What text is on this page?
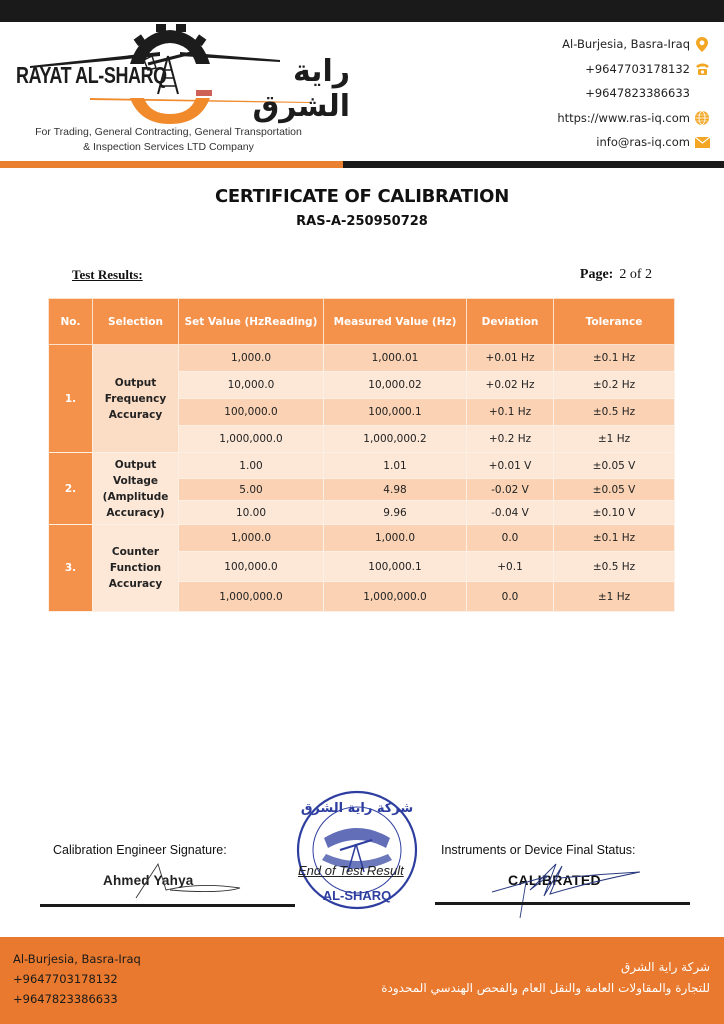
RAYAT AL-SHARQ	راية الشرق
For Trading, General Contracting, General Transportation
& Inspection Services LTD Company
Al-Burjesia, Basra-Iraq
+9647703178132
+9647823386633
https://www.ras-iq.com
info@ras-iq.com
CERTIFICATE OF CALIBRATION
RAS-A-250950728
Test Results:	Page: 2 of 2
No.	Selection	Set Value (HzReading)	Measured Value (Hz)	Deviation	Tolerance
1.	Output Frequency Accuracy	1,000.0	1,000.01	+0.01 Hz	±0.1 Hz
		10,000.0	10,000.02	+0.02 Hz	±0.2 Hz
		100,000.0	100,000.1	+0.1 Hz	±0.5 Hz
		1,000,000.0	1,000,000.2	+0.2 Hz	±1 Hz
2.	Output Voltage (Amplitude Accuracy)	1.00	1.01	+0.01 V	±0.05 V
		5.00	4.98	-0.02 V	±0.05 V
		10.00	9.96	-0.04 V	±0.10 V
3.	Counter Function Accuracy	1,000.0	1,000.0	0.0	±0.1 Hz
		100,000.0	100,000.1	+0.1	±0.5 Hz
		1,000,000.0	1,000,000.0	0.0	±1 Hz
Calibration Engineer Signature:
Ahmed Yahya
شركة راية الشرق
AL-SHARQ
End of Test Result
Instruments or Device Final Status:
CALIBRATED
Al-Burjesia, Basra-Iraq
+9647703178132
+9647823386633
شركة راية الشرق
للتجارة والمقاولات العامة والنقل العام والفحص الهندسي المحدودة
